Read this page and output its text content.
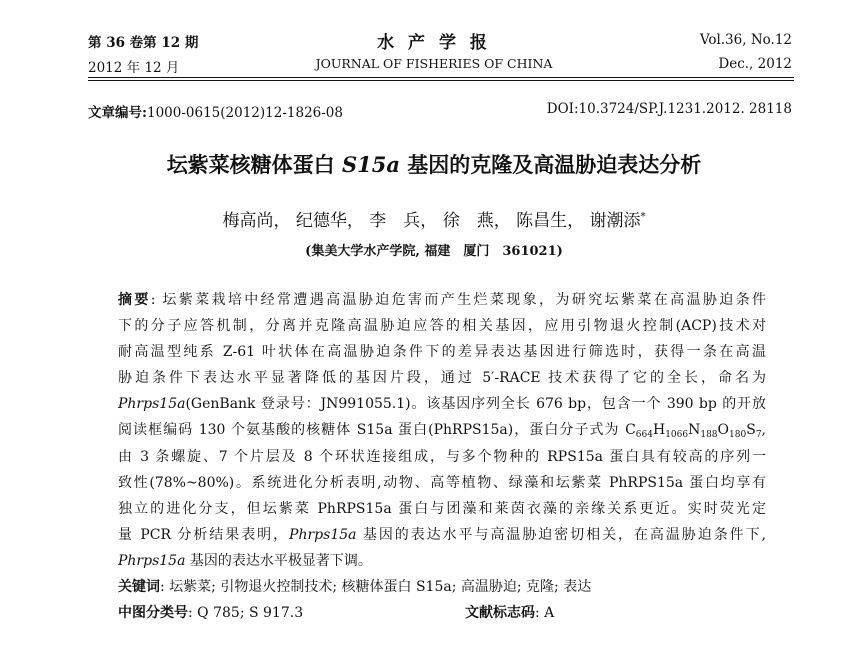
第 36 卷第 12 期
2012 年 12 月
水 产 学 报
JOURNAL OF FISHERIES OF CHINA
Vol.36, No.12
Dec., 2012
文章编号:1000-0615(2012)12-1826-08	DOI:10.3724/SP.J.1231.2012. 28118
坛紫菜核糖体蛋白 S15a 基因的克隆及高温胁迫表达分析
梅高尚， 纪德华， 李　兵， 徐　燕， 陈昌生， 谢潮添*
(集美大学水产学院, 福建　厦门　361021)
摘要: 坛紫菜栽培中经常遭遇高温胁迫危害而产生烂菜现象，为研究坛紫菜在高温胁迫条件
下的分子应答机制，分离并克隆高温胁迫应答的相关基因，应用引物退火控制(ACP)技术对
耐高温型纯系 Z-61 叶状体在高温胁迫条件下的差异表达基因进行筛选时，获得一条在高温
胁迫条件下表达水平显著降低的基因片段，通过 5′-RACE 技术获得了它的全长，命名为
Phrps15a(GenBank 登录号：JN991055.1)。该基因序列全长 676 bp，包含一个 390 bp 的开放
阅读框编码 130 个氨基酸的核糖体 S15a 蛋白(PhRPS15a)，蛋白分子式为 $C_{664}H_{1066}N_{188}O_{180}S_7$,
由 3 条螺旋、7 个片层及 8 个环状连接组成，与多个物种的 RPS15a 蛋白具有较高的序列一
致性(78%~80%)。系统进化分析表明,动物、高等植物、绿藻和坛紫菜 PhRPS15a 蛋白均享有
独立的进化分支，但坛紫菜 PhRPS15a 蛋白与团藻和莱茵衣藻的亲缘关系更近。实时荧光定
量 PCR 分析结果表明，Phrps15a 基因的表达水平与高温胁迫密切相关，在高温胁迫条件下,
Phrps15a 基因的表达水平极显著下调。
关键词: 坛紫菜; 引物退火控制技术; 核糖体蛋白 S15a; 高温胁迫; 克隆; 表达
中图分类号: Q 785; S 917.3	文献标志码: A
